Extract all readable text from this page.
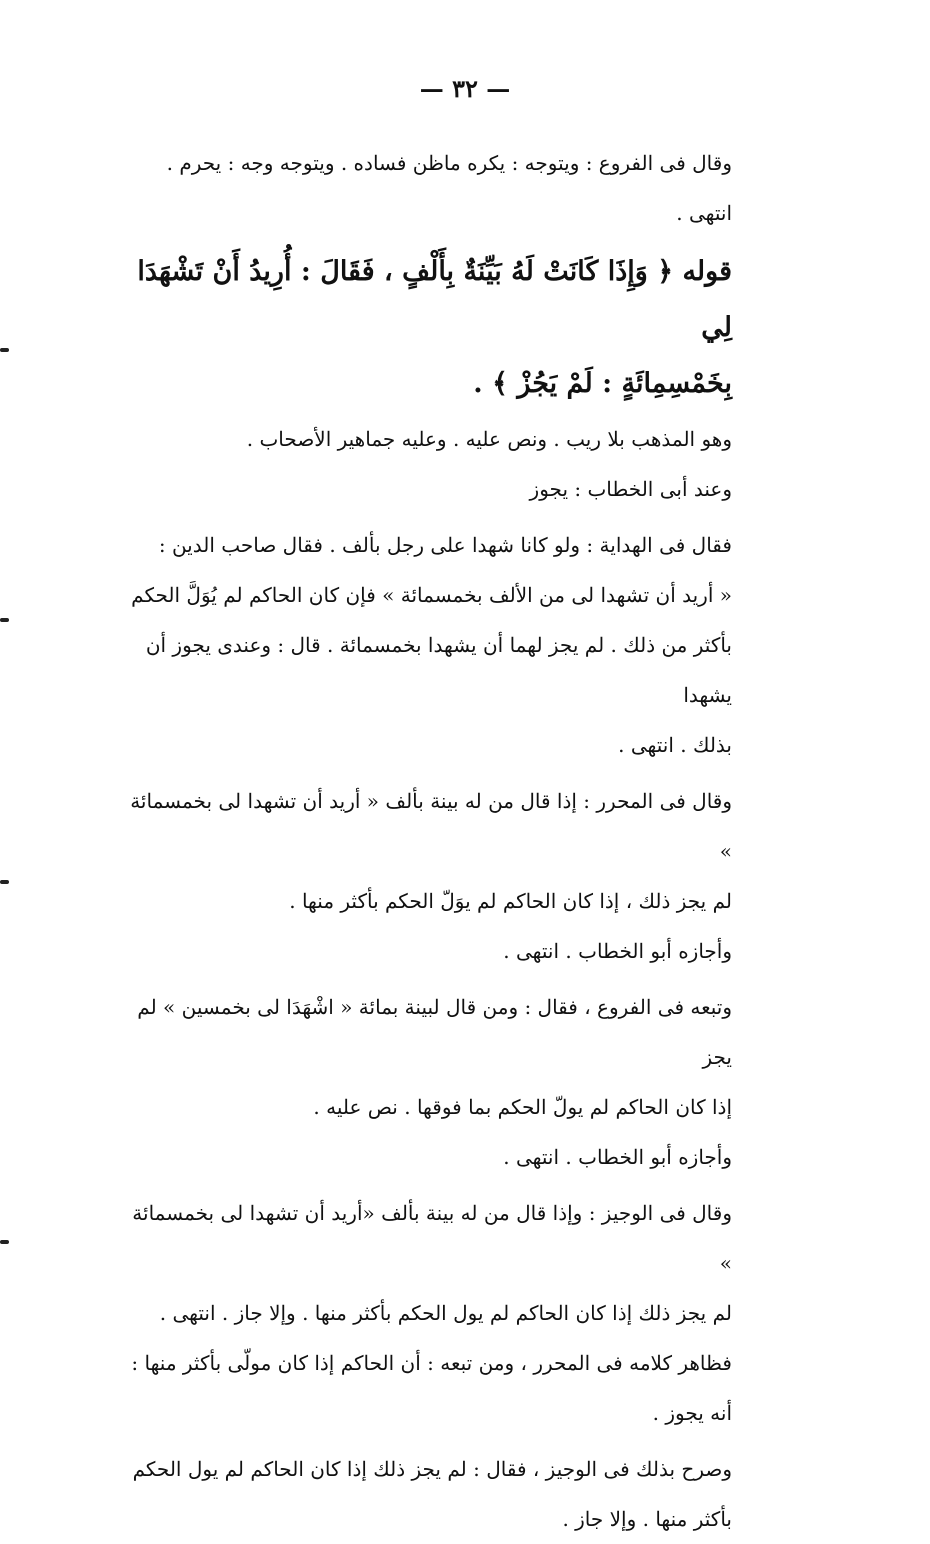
— ٣٢ —

وقال فى الفروع : ويتوجه : يكره ماظن فساده . ويتوجه وجه : يحرم .
انتهى .

قوله ﴿ وَإِذَا كَانَتْ لَهُ بَيِّنَةٌ بِأَلْفٍ ، فَقَالَ : أُرِيدُ أَنْ تَشْهَدَا لِي
بِخَمْسِمِائَةٍ : لَمْ يَجُزْ ﴾ .

وهو المذهب بلا ريب . ونص عليه . وعليه جماهير الأصحاب .

وعند أبى الخطاب : يجوز

فقال فى الهداية : ولو كانا شهدا على رجل بألف . فقال صاحب الدين :
« أريد أن تشهدا لى من الألف بخمسمائة » فإن كان الحاكم لم يُوَلَّ الحكم
بأكثر من ذلك . لم يجز لهما أن يشهدا بخمسمائة . قال : وعندى يجوز أن يشهدا
بذلك . انتهى .

وقال فى المحرر : إذا قال من له بينة بألف « أريد أن تشهدا لى بخمسمائة »
لم يجز ذلك ، إذا كان الحاكم لم يوَلّ الحكم بأكثر منها .

وأجازه أبو الخطاب . انتهى .

وتبعه فى الفروع ، فقال : ومن قال لبينة بمائة « اشْهَدَا لى بخمسين » لم يجز
إذا كان الحاكم لم يولّ الحكم بما فوقها . نص عليه .

وأجازه أبو الخطاب . انتهى .

وقال فى الوجيز : وإذا قال من له بينة بألف «أريد أن تشهدا لى بخمسمائة »
لم يجز ذلك إذا كان الحاكم لم يول الحكم بأكثر منها . وإلا جاز . انتهى .

فظاهر كلامه فى المحرر ، ومن تبعه : أن الحاكم إذا كان مولّى بأكثر منها :
أنه يجوز .

وصرح بذلك فى الوجيز ، فقال : لم يجز ذلك إذا كان الحاكم لم يول الحكم
بأكثر منها . وإلا جاز .
